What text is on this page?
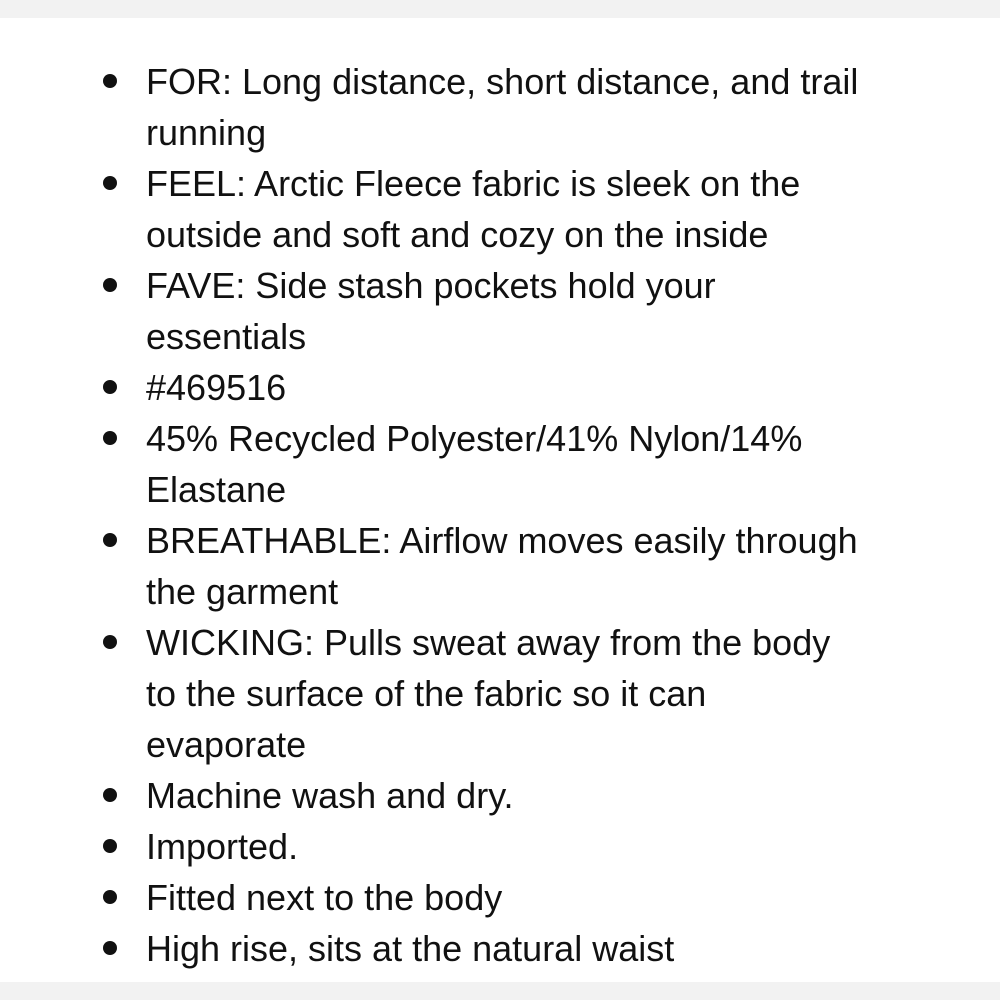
FOR: Long distance, short distance, and trail
running
FEEL: Arctic Fleece fabric is sleek on the
outside and soft and cozy on the inside
FAVE: Side stash pockets hold your
essentials
#469516
45% Recycled Polyester/41% Nylon/14%
Elastane
BREATHABLE: Airflow moves easily through
the garment
WICKING: Pulls sweat away from the body
to the surface of the fabric so it can
evaporate
Machine wash and dry.
Imported.
Fitted next to the body
High rise, sits at the natural waist
